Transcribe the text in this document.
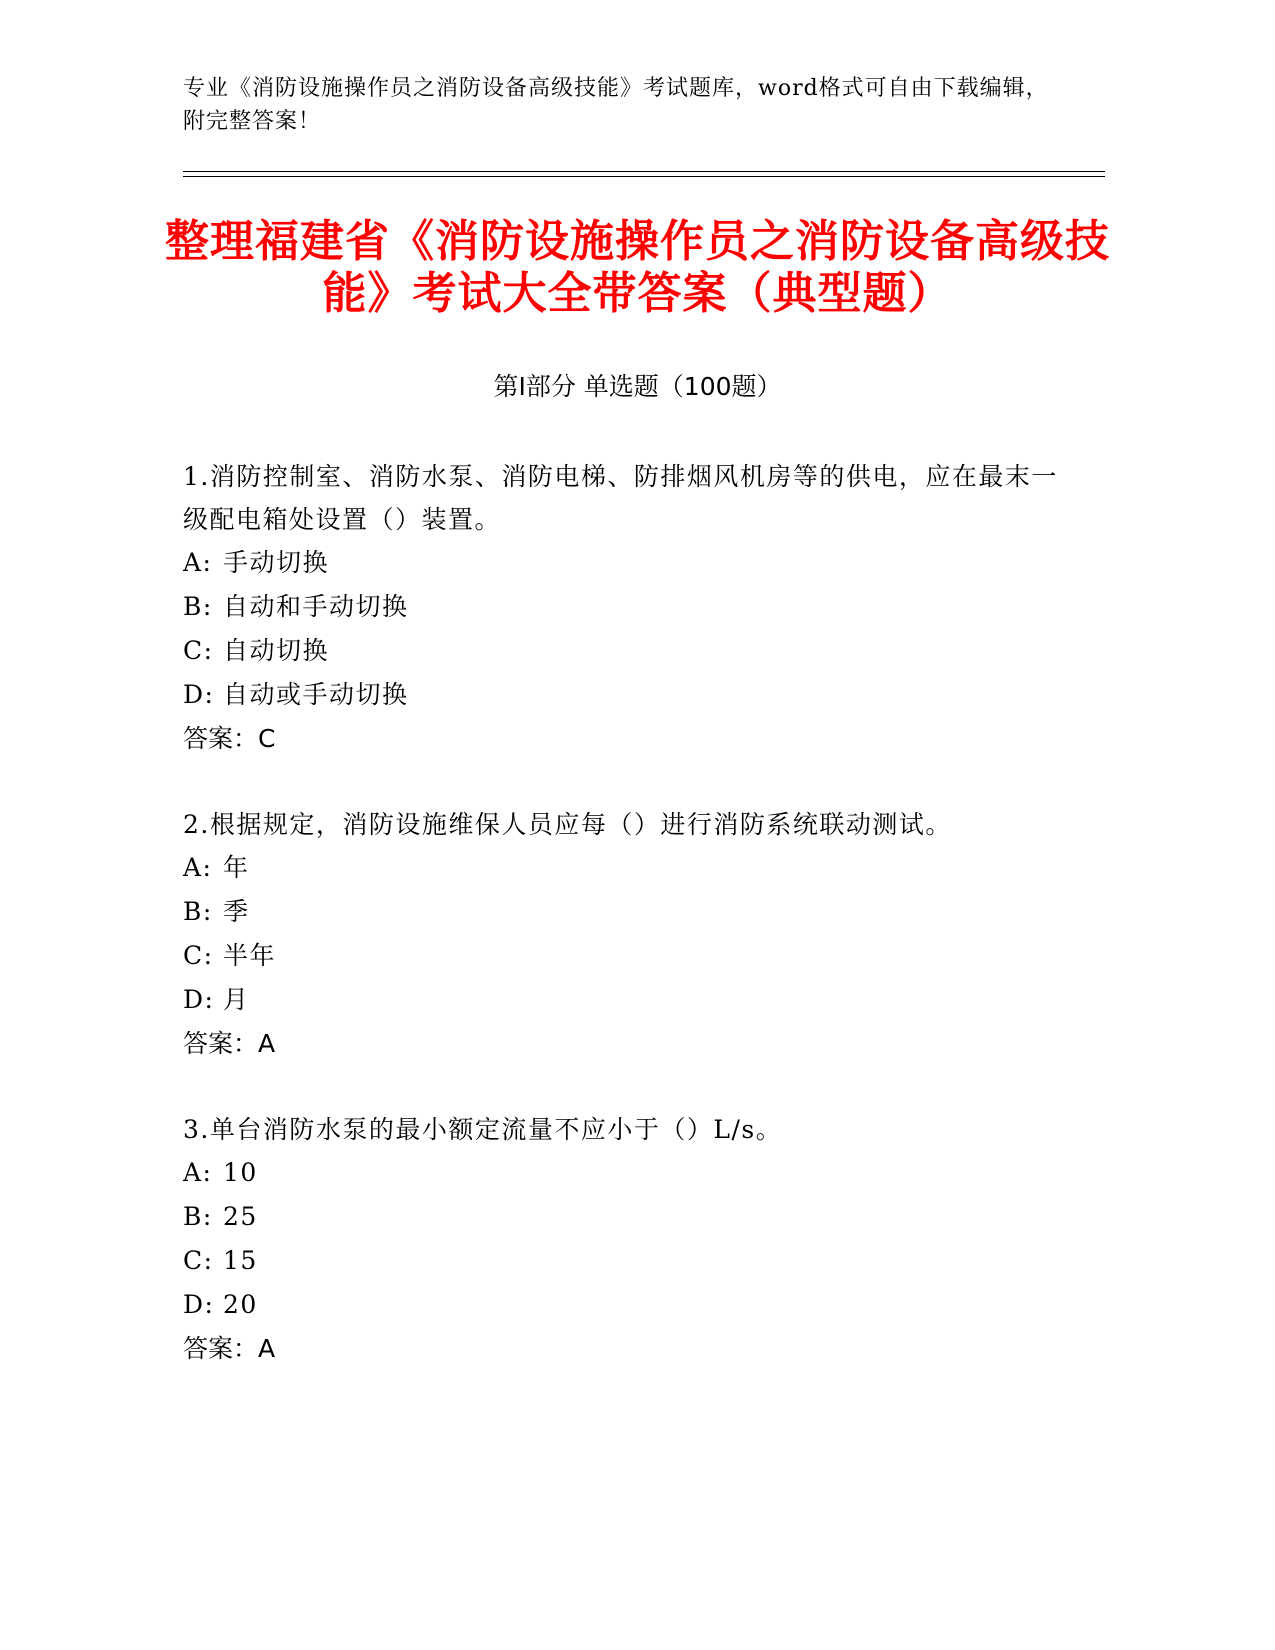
专业《消防设施操作员之消防设备高级技能》考试题库，word格式可自由下载编辑，附完整答案！
整理福建省《消防设施操作员之消防设备高级技能》考试大全带答案（典型题）
第Ⅰ部分 单选题（100题）

1.消防控制室、消防水泵、消防电梯、防排烟风机房等的供电，应在最末一级配电箱处设置（）装置。

A: 手动切换

B: 自动和手动切换

C: 自动切换

D: 自动或手动切换

答案：C

2.根据规定，消防设施维保人员应每（）进行消防系统联动测试。

A: 年

B: 季

C: 半年

D: 月

答案：A

3.单台消防水泵的最小额定流量不应小于（）L/s。

A: 10

B: 25

C: 15

D: 20

答案：A
